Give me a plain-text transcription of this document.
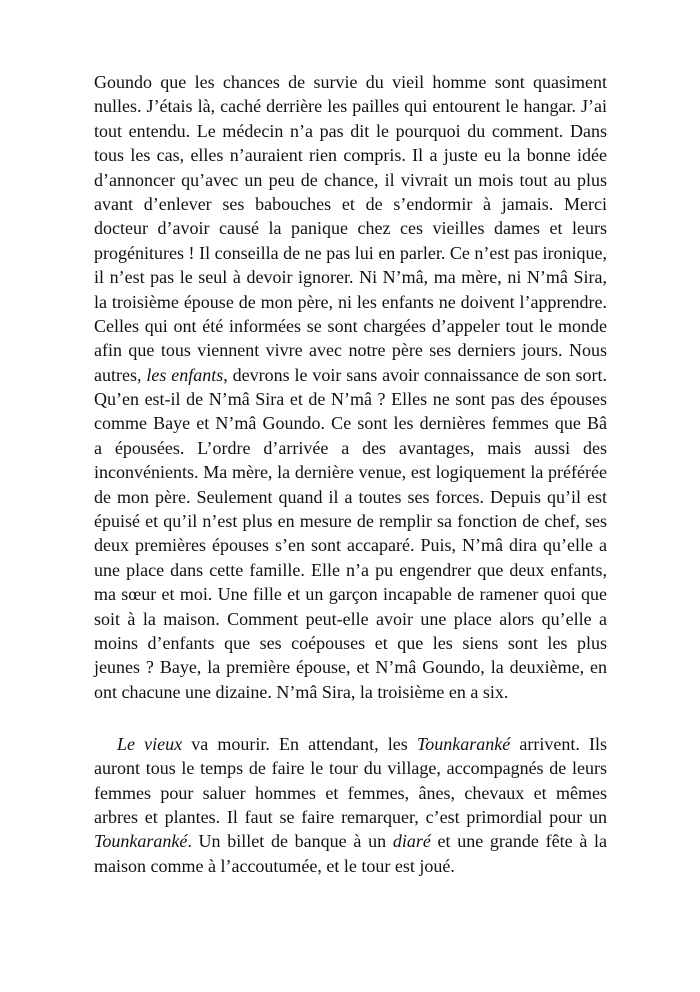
Goundo que les chances de survie du vieil homme sont quasiment
nulles. J’étais là, caché derrière les pailles qui entourent le hangar. J’ai
tout entendu. Le médecin n’a pas dit le pourquoi du comment. Dans
tous les cas, elles n’auraient rien compris. Il a juste eu la bonne idée
d’annoncer qu’avec un peu de chance, il vivrait un mois tout au plus
avant d’enlever ses babouches et de s’endormir à jamais. Merci
docteur d’avoir causé la panique chez ces vieilles dames et leurs
progénitures ! Il conseilla de ne pas lui en parler. Ce n’est pas ironique,
il n’est pas le seul à devoir ignorer. Ni N’mâ, ma mère, ni N’mâ Sira,
la troisième épouse de mon père, ni les enfants ne doivent l’apprendre.
Celles qui ont été informées se sont chargées d’appeler tout le monde
afin que tous viennent vivre avec notre père ses derniers jours. Nous
autres, les enfants, devrons le voir sans avoir connaissance de son sort.
Qu’en est-il de N’mâ Sira et de N’mâ ? Elles ne sont pas des épouses
comme Baye et N’mâ Goundo. Ce sont les dernières femmes que Bâ
a épousées. L’ordre d’arrivée a des avantages, mais aussi des
inconvénients. Ma mère, la dernière venue, est logiquement la préférée
de mon père. Seulement quand il a toutes ses forces. Depuis qu’il est
épuisé et qu’il n’est plus en mesure de remplir sa fonction de chef, ses
deux premières épouses s’en sont accaparé. Puis, N’mâ dira qu’elle a
une place dans cette famille. Elle n’a pu engendrer que deux enfants,
ma sœur et moi. Une fille et un garçon incapable de ramener quoi que
soit à la maison. Comment peut-elle avoir une place alors qu’elle a
moins d’enfants que ses coépouses et que les siens sont les plus
jeunes ? Baye, la première épouse, et N’mâ Goundo, la deuxième, en
ont chacune une dizaine. N’mâ Sira, la troisième en a six.
Le vieux va mourir. En attendant, les Tounkaranké arrivent. Ils
auront tous le temps de faire le tour du village, accompagnés de leurs
femmes pour saluer hommes et femmes, ânes, chevaux et mêmes
arbres et plantes. Il faut se faire remarquer, c’est primordial pour un
Tounkaranké. Un billet de banque à un diaré et une grande fête à la
maison comme à l’accoutumée, et le tour est joué.
